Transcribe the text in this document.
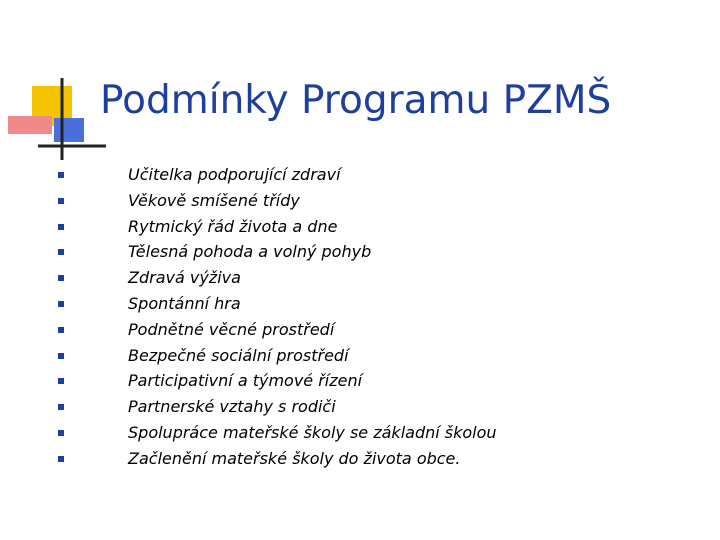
Podmínky Programu PZMŠ
Učitelka podporující zdraví
Věkově smíšené třídy
Rytmický řád života a dne
Tělesná pohoda a volný pohyb
Zdravá výživa
Spontánní hra
Podnětné věcné prostředí
Bezpečné sociální prostředí
Participativní a týmové řízení
Partnerské vztahy s rodiči
Spolupráce mateřské školy se základní školou
Začlenění mateřské školy do života obce.
